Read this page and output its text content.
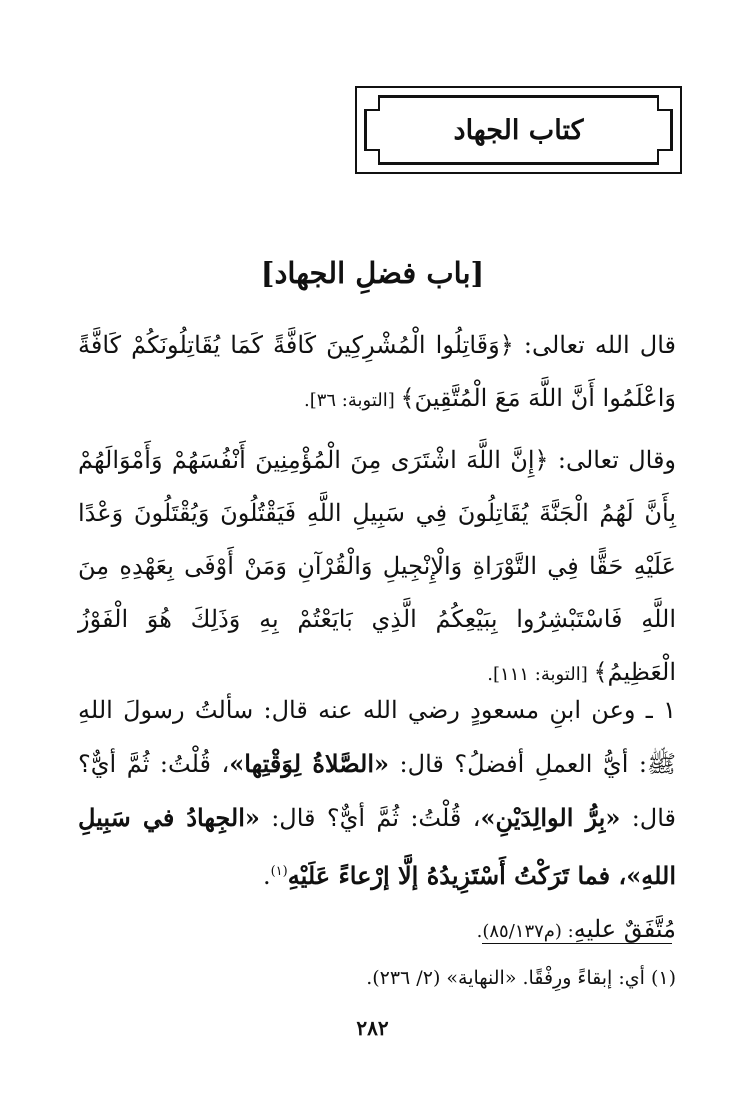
كتاب الجهاد
[باب فضلِ الجهاد]

قال الله تعالى: ﴿وَقَاتِلُوا الْمُشْرِكِينَ كَافَّةً كَمَا يُقَاتِلُونَكُمْ كَافَّةً وَاعْلَمُوا أَنَّ اللَّهَ مَعَ الْمُتَّقِينَ﴾ [التوبة: ٣٦].

وقال تعالى: ﴿إِنَّ اللَّهَ اشْتَرَى مِنَ الْمُؤْمِنِينَ أَنْفُسَهُمْ وَأَمْوَالَهُمْ بِأَنَّ لَهُمُ الْجَنَّةَ يُقَاتِلُونَ فِي سَبِيلِ اللَّهِ فَيَقْتُلُونَ وَيُقْتَلُونَ وَعْدًا عَلَيْهِ حَقًّا فِي التَّوْرَاةِ وَالْإِنْجِيلِ وَالْقُرْآنِ وَمَنْ أَوْفَى بِعَهْدِهِ مِنَ اللَّهِ فَاسْتَبْشِرُوا بِبَيْعِكُمُ الَّذِي بَايَعْتُمْ بِهِ وَذَلِكَ هُوَ الْفَوْزُ الْعَظِيمُ﴾ [التوبة: ١١١].

١ ـ وعن ابنِ مسعودٍ رضي الله عنه قال: سألتُ رسولَ اللهِ ﷺ: أيُّ العملِ أفضلُ؟ قال: «الصَّلاةُ لِوَقْتِها»، قُلْتُ: ثُمَّ أيٌّ؟ قال: «بِرُّ الوالِدَيْنِ»، قُلْتُ: ثُمَّ أيٌّ؟ قال: «الجِهادُ في سَبِيلِ اللهِ»، فما تَرَكْتُ أَسْتَزِيدُهُ إلَّا إرْعاءً عَلَيْهِ$^{(١)}$.
مُتَّفَقٌ عليهِ: (م٨٥/١٣٧).

(١) أي: إبقاءً ورِفْقًا. «النهاية» (٢/ ٢٣٦).
٢٨٢
